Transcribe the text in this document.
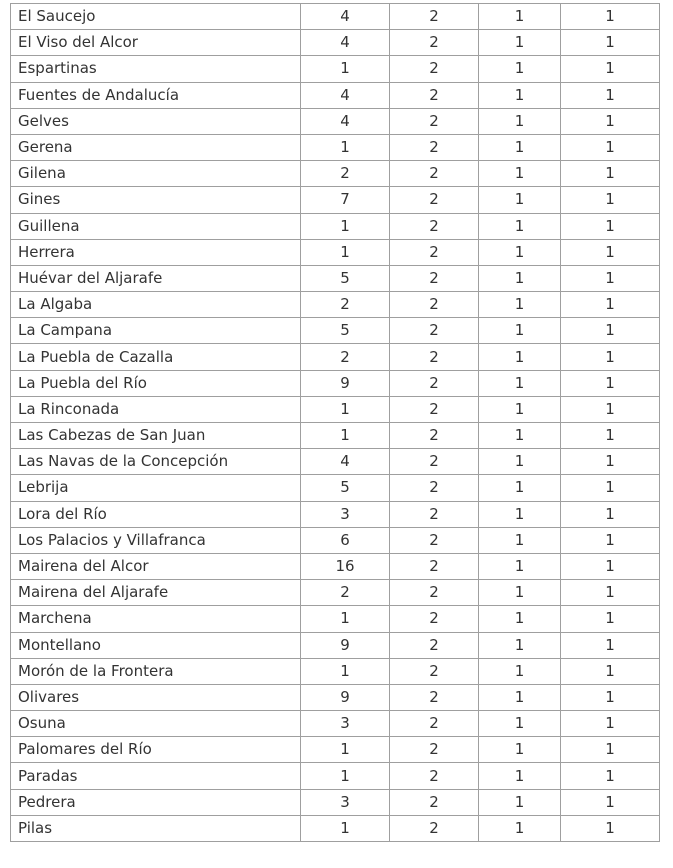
El Saucejo	4	2	1	1
El Viso del Alcor	4	2	1	1
Espartinas	1	2	1	1
Fuentes de Andalucía	4	2	1	1
Gelves	4	2	1	1
Gerena	1	2	1	1
Gilena	2	2	1	1
Gines	7	2	1	1
Guillena	1	2	1	1
Herrera	1	2	1	1
Huévar del Aljarafe	5	2	1	1
La Algaba	2	2	1	1
La Campana	5	2	1	1
La Puebla de Cazalla	2	2	1	1
La Puebla del Río	9	2	1	1
La Rinconada	1	2	1	1
Las Cabezas de San Juan	1	2	1	1
Las Navas de la Concepción	4	2	1	1
Lebrija	5	2	1	1
Lora del Río	3	2	1	1
Los Palacios y Villafranca	6	2	1	1
Mairena del Alcor	16	2	1	1
Mairena del Aljarafe	2	2	1	1
Marchena	1	2	1	1
Montellano	9	2	1	1
Morón de la Frontera	1	2	1	1
Olivares	9	2	1	1
Osuna	3	2	1	1
Palomares del Río	1	2	1	1
Paradas	1	2	1	1
Pedrera	3	2	1	1
Pilas	1	2	1	1
